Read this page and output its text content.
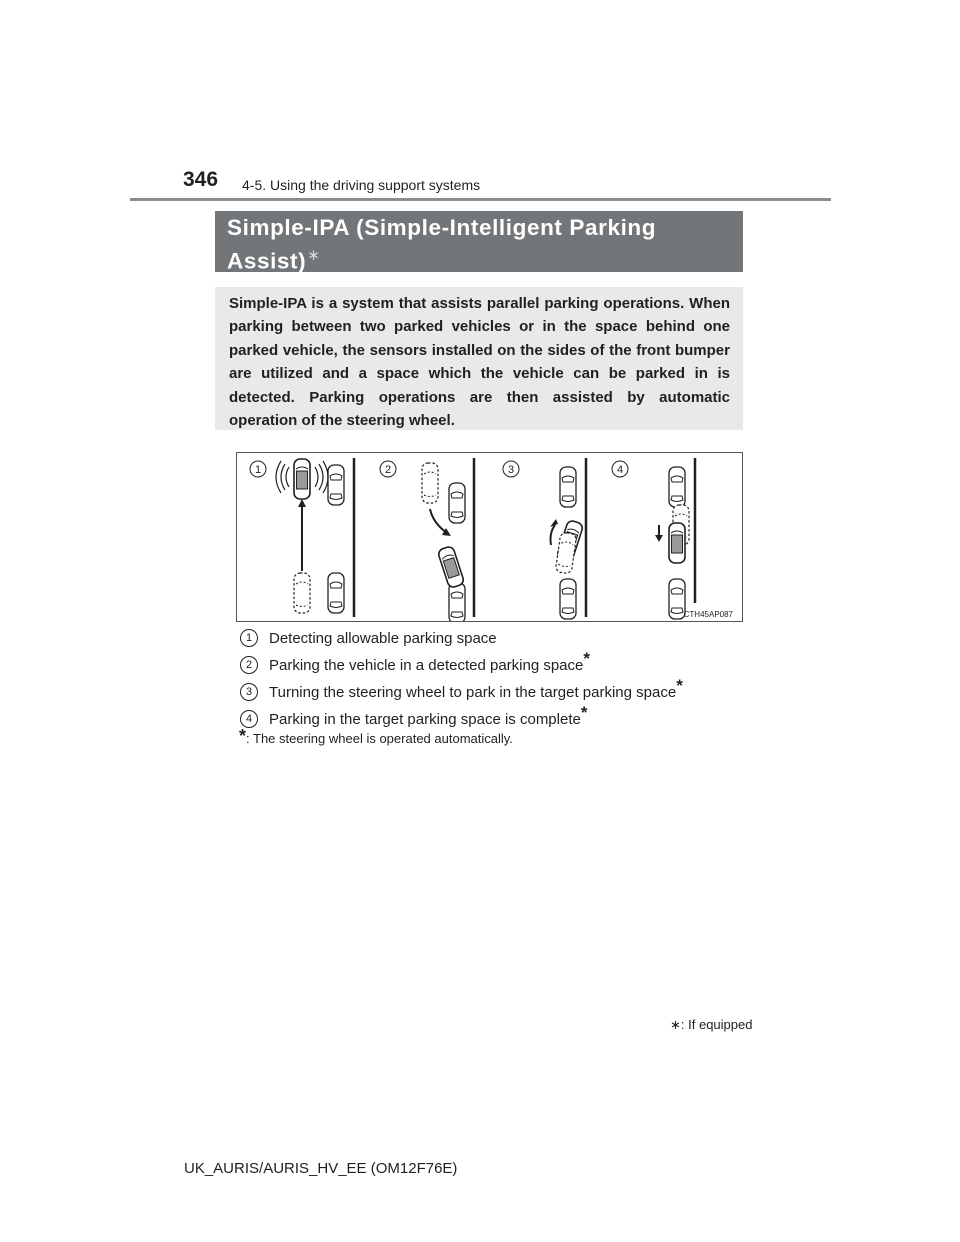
346 4-5. Using the driving support systems
Simple-IPA (Simple-Intelligent Parking Assist)∗

Simple-IPA is a system that assists parallel parking operations. When parking between two parked vehicles or in the space behind one parked vehicle, the sensors installed on the sides of the front bumper are utilized and a space which the vehicle can be parked in is detected. Parking operations are then assisted by automatic operation of the steering wheel.

1	2	3	4
CTH45AP087
1	Detecting allowable parking space
2	Parking the vehicle in a detected parking space*
3	Turning the steering wheel to park in the target parking space*
4	Parking in the target parking space is complete*
*: The steering wheel is operated automatically.
∗: If equipped
UK_AURIS/AURIS_HV_EE (OM12F76E)
